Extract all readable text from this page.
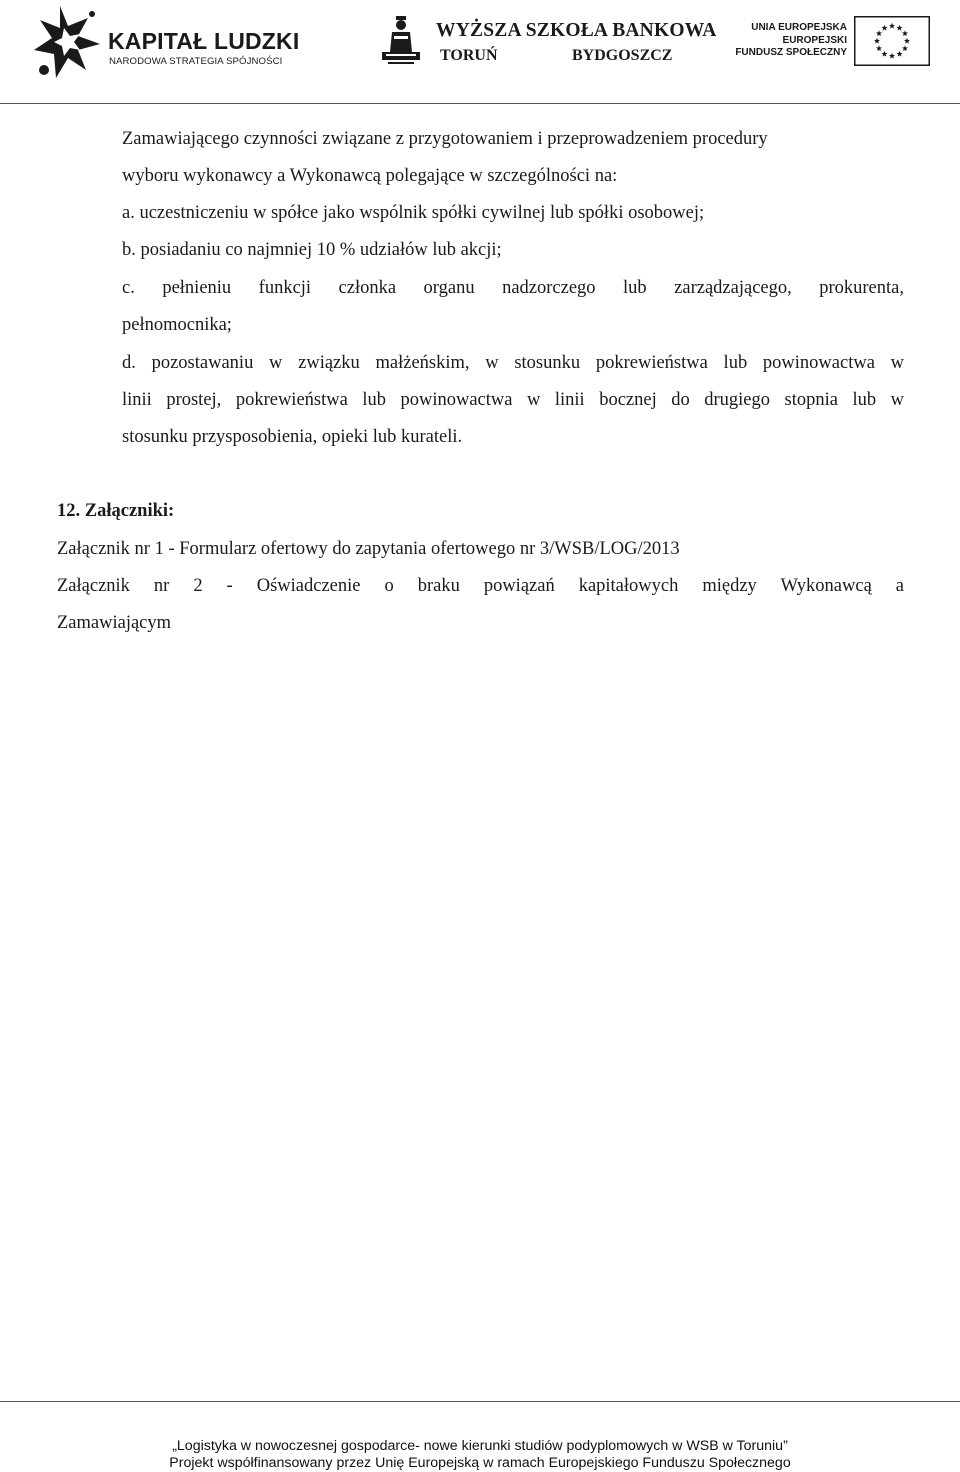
KAPITAŁ LUDZKI
NARODOWA STRATEGIA SPÓJNOŚCI
WYŻSZA SZKOŁA BANKOWA
TORUŃ	BYDGOSZCZ
UNIA EUROPEJSKA
EUROPEJSKI
FUNDUSZ SPOŁECZNY
Zamawiającego czynności związane z przygotowaniem i przeprowadzeniem procedury
wyboru wykonawcy a Wykonawcą polegające w szczególności na:
a. uczestniczeniu w spółce jako wspólnik spółki cywilnej lub spółki osobowej;
b. posiadaniu co najmniej 10 % udziałów lub akcji;
c. pełnieniu funkcji członka organu nadzorczego lub zarządzającego, prokurenta,
pełnomocnika;
d. pozostawaniu w związku małżeńskim, w stosunku pokrewieństwa lub powinowactwa w
linii prostej, pokrewieństwa lub powinowactwa w linii bocznej do drugiego stopnia lub w
stosunku przysposobienia, opieki lub kurateli.
12. Załączniki:
Załącznik nr 1 - Formularz ofertowy do zapytania ofertowego nr 3/WSB/LOG/2013
Załącznik nr 2 - Oświadczenie o braku powiązań kapitałowych między Wykonawcą a
Zamawiającym
„Logistyka w nowoczesnej gospodarce- nowe kierunki studiów podyplomowych w WSB w Toruniu”
Projekt współfinansowany przez Unię Europejską w ramach Europejskiego Funduszu Społecznego
